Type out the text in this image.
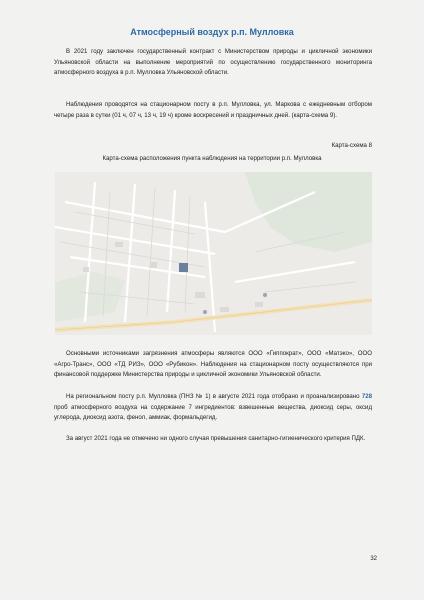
Атмосферный воздух р.п. Мулловка

В 2021 году заключен государственный контракт с Министерством природы и цикличной экономики Ульяновской области на выполнение мероприятий по осуществлению государственного мониторинга атмосферного воздуха в р.п. Мулловка Ульяновской области.

Наблюдения проводятся на стационарном посту в р.п. Мулловка, ул. Маркова с ежедневным отбором четыре раза в сутки (01 ч, 07 ч, 13 ч, 19 ч) кроме воскресений и праздничных дней. (карта-схема 9).

Карта-схема 8
Карта-схема расположения пункта наблюдения на территории р.п. Мулловка

Основными источниками загрязнения атмосферы являются ООО «Гиппократ», ООО «Матэко», ООО «Агро-Транс», ООО «ТД РИЗ», ООО «Рубикон». Наблюдения на стационарном посту осуществляются при финансовой поддержке Министерства природы и цикличной экономики Ульяновской области.

На региональном посту р.п. Мулловка (ПНЗ № 1) в августе 2021 года отобрано и проанализировано 728 проб атмосферного воздуха на содержание 7 ингредиентов: взвешенные вещества, диоксид серы, оксид углерода, диоксид азота, фенол, аммиак, формальдегид.

За август 2021 года не отмечено ни одного случая превышения санитарно-гигиенического критерия ПДК.

32
